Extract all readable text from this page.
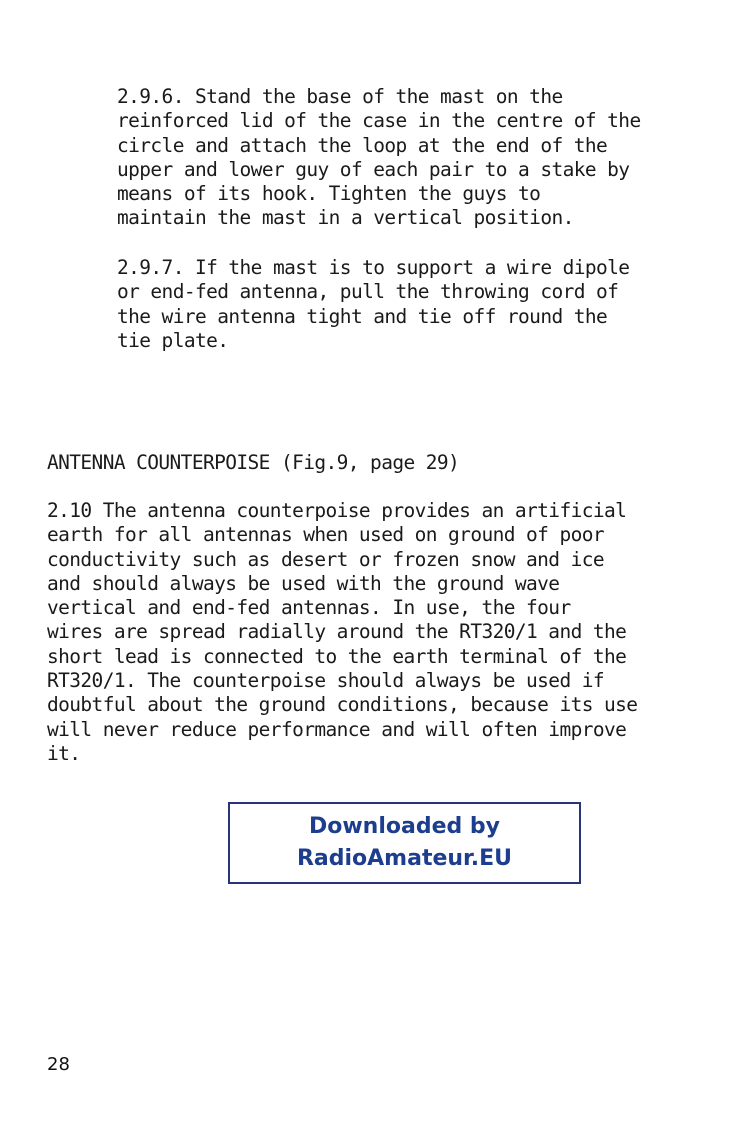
2.9.6. Stand the base of the mast on the
reinforced lid of the case in the centre of the
circle and attach the loop at the end of the
upper and lower guy of each pair to a stake by
means of its hook. Tighten the guys to
maintain the mast in a vertical position.
2.9.7. If the mast is to support a wire dipole
or end-fed antenna, pull the throwing cord of
the wire antenna tight and tie off round the
tie plate.
ANTENNA COUNTERPOISE (Fig.9, page 29)
2.10 The antenna counterpoise provides an artificial
earth for all antennas when used on ground of poor
conductivity such as desert or frozen snow and ice
and should always be used with the ground wave
vertical and end-fed antennas. In use, the four
wires are spread radially around the RT320/1 and the
short lead is connected to the earth terminal of the
RT320/1. The counterpoise should always be used if
doubtful about the ground conditions, because its use
will never reduce performance and will often improve
it.
Downloaded by
RadioAmateur.EU
28
